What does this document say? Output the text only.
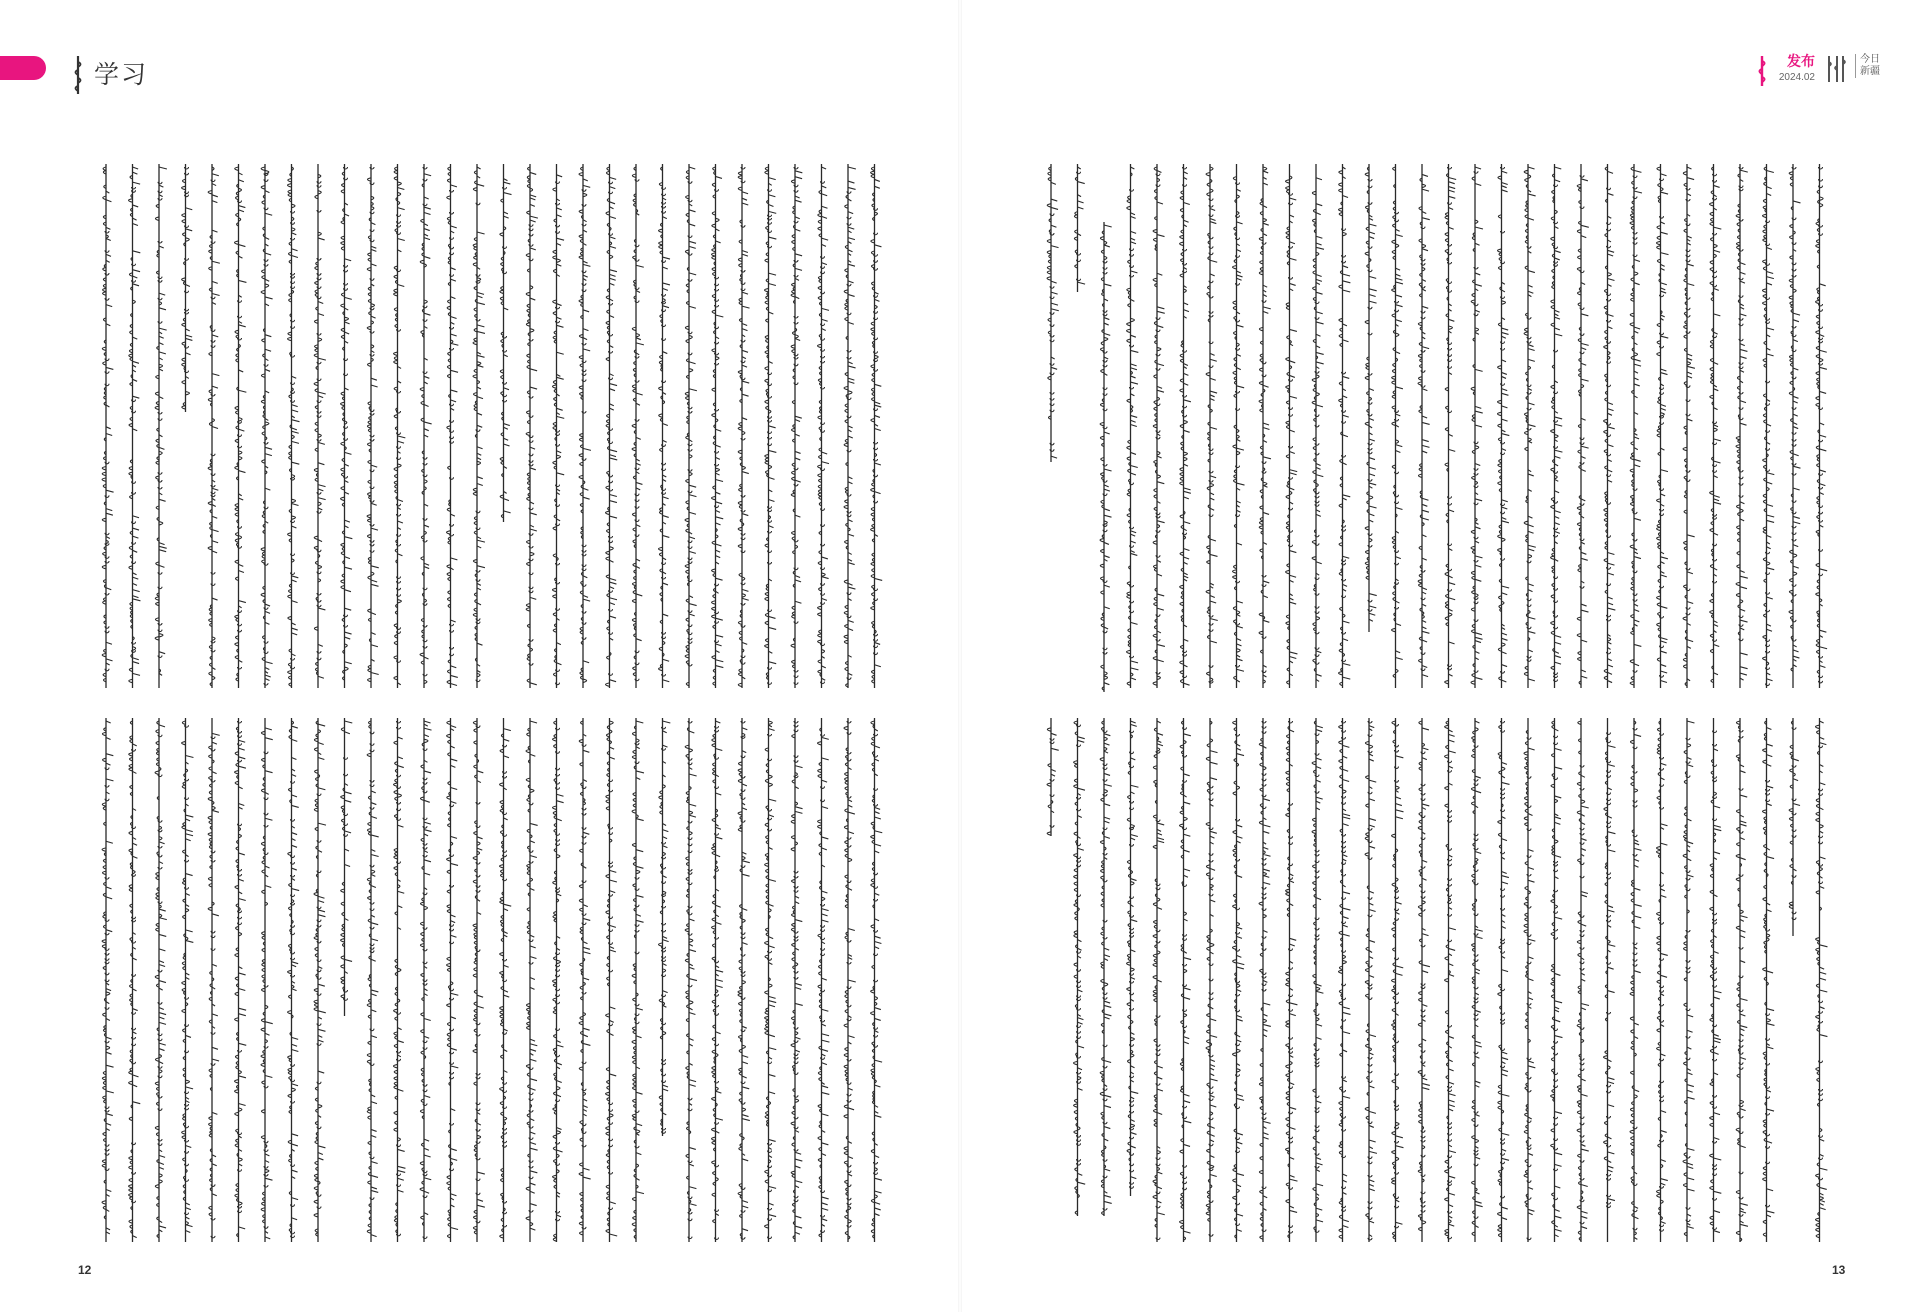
学习	发布
2024.02
今日
新疆
12	13
